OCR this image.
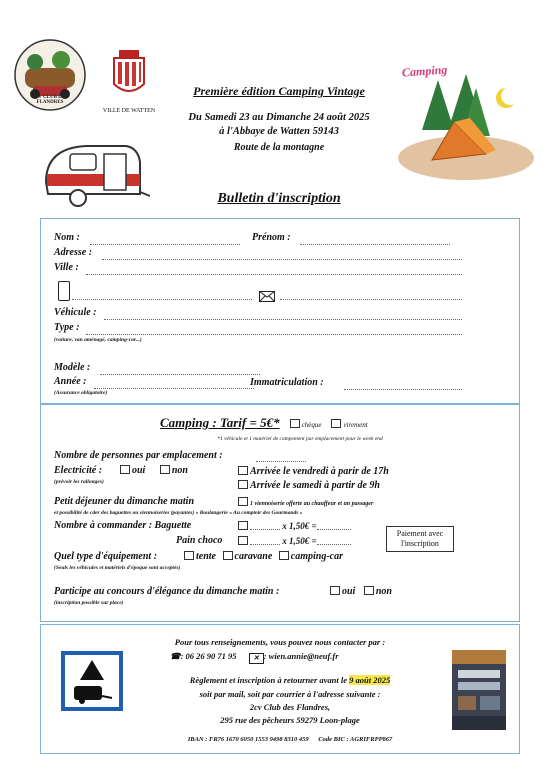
2CV CLUB DES FLANDRES
VILLE DE WATTEN
Première édition Camping Vintage
Du Samedi 23 au Dimanche 24 août 2025
à l'Abbaye de Watten 59143
Route de la montagne
Camping
Bulletin d'inscription
Nom :	Prénom :
Adresse :
Ville :
Véhicule :
Type :
(voiture, van aménagé, camping-car...)
Modèle :
Année :
(Assurance obligatoire)
Immatriculation :
Camping : Tarif = 5€*	chèque	virement
*1 véhicule et 1 matériel de campement par emplacement pour le week end
Nombre de personnes par emplacement :
Electricité :	oui	non
(prévoir les rallonges)
Arrivée le vendredi à parir de 17h
Arrivée le samedi à partir de 9h
Petit déjeuner du dimanche matin	1 viennoiserie offerte au chauffeur et un passager
et possibilité de cder des baguettes ou viennoiseries (payantes) « Boulangerie « Au comptoir des Gourmands »
Nombre à commander : Baguette	x 1,50€ =
Pain choco	x 1,50€ =
Paiement avec l'inscription
Quel type d'équipement :	tente caravane camping-car
(Seuls les véhicules et matériels d'époque sont acceptés)
Participe au concours d'élégance du dimanche matin :	oui non
(inscription possible sur place)
Pour tous renseignements, vous pouvez nous contacter par :
☎: 06 26 90 71 95 ✕ : wien.annie@neuf.fr
Règlement et inscription à retourner avant le 9 août 2025
soit par mail, soit par courrier à l'adresse suivante :
2cv Club des Flandres,
295 rue des pêcheurs 59279 Loon-plage
IBAN : FR76 1670 6050 1553 9498 8310 459 Code BIC : AGRIFRPP867
